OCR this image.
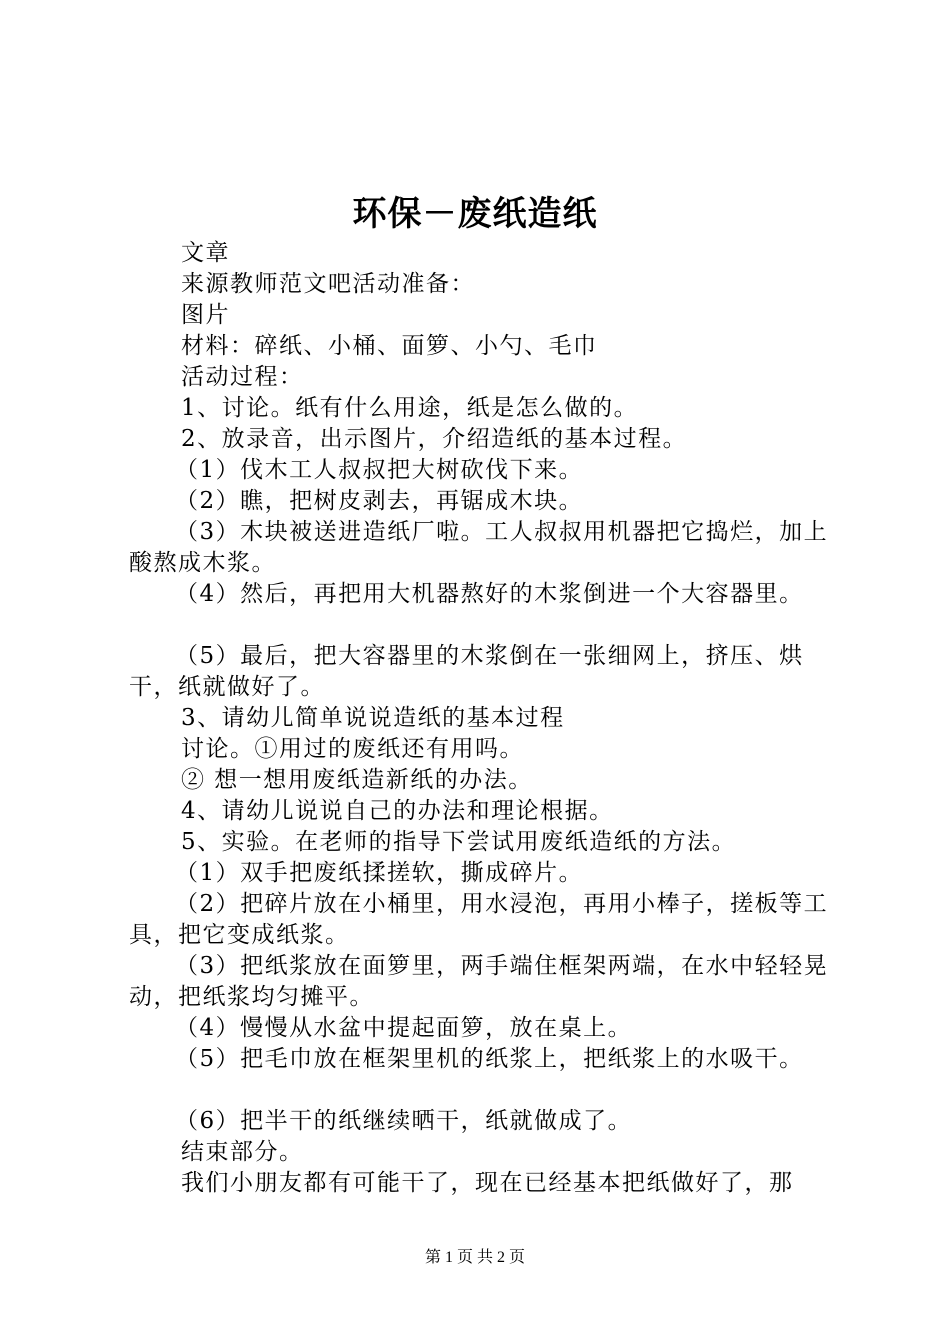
环保－废纸造纸

文章

来源教师范文吧活动准备：

图片

材料：碎纸、小桶、面箩、小勺、毛巾

活动过程：

1、讨论。纸有什么用途，纸是怎么做的。

2、放录音，出示图片，介绍造纸的基本过程。

（1）伐木工人叔叔把大树砍伐下来。

（2）瞧，把树皮剥去，再锯成木块。

（3）木块被送进造纸厂啦。工人叔叔用机器把它捣烂，加上酸熬成木浆。

（4）然后，再把用大机器熬好的木浆倒进一个大容器里。

（5）最后，把大容器里的木浆倒在一张细网上，挤压、烘干，纸就做好了。

3、请幼儿简单说说造纸的基本过程

讨论。①用过的废纸还有用吗。

② 想一想用废纸造新纸的办法。

4、请幼儿说说自己的办法和理论根据。

5、实验。在老师的指导下尝试用废纸造纸的方法。

（1）双手把废纸揉搓软，撕成碎片。

（2）把碎片放在小桶里，用水浸泡，再用小棒子，搓板等工具，把它变成纸浆。

（3）把纸浆放在面箩里，两手端住框架两端，在水中轻轻晃动，把纸浆均匀摊平。

（4）慢慢从水盆中提起面箩，放在桌上。

（5）把毛巾放在框架里机的纸浆上，把纸浆上的水吸干。

（6）把半干的纸继续晒干，纸就做成了。

结束部分。

我们小朋友都有可能干了，现在已经基本把纸做好了，那

第 1 页 共 2 页
